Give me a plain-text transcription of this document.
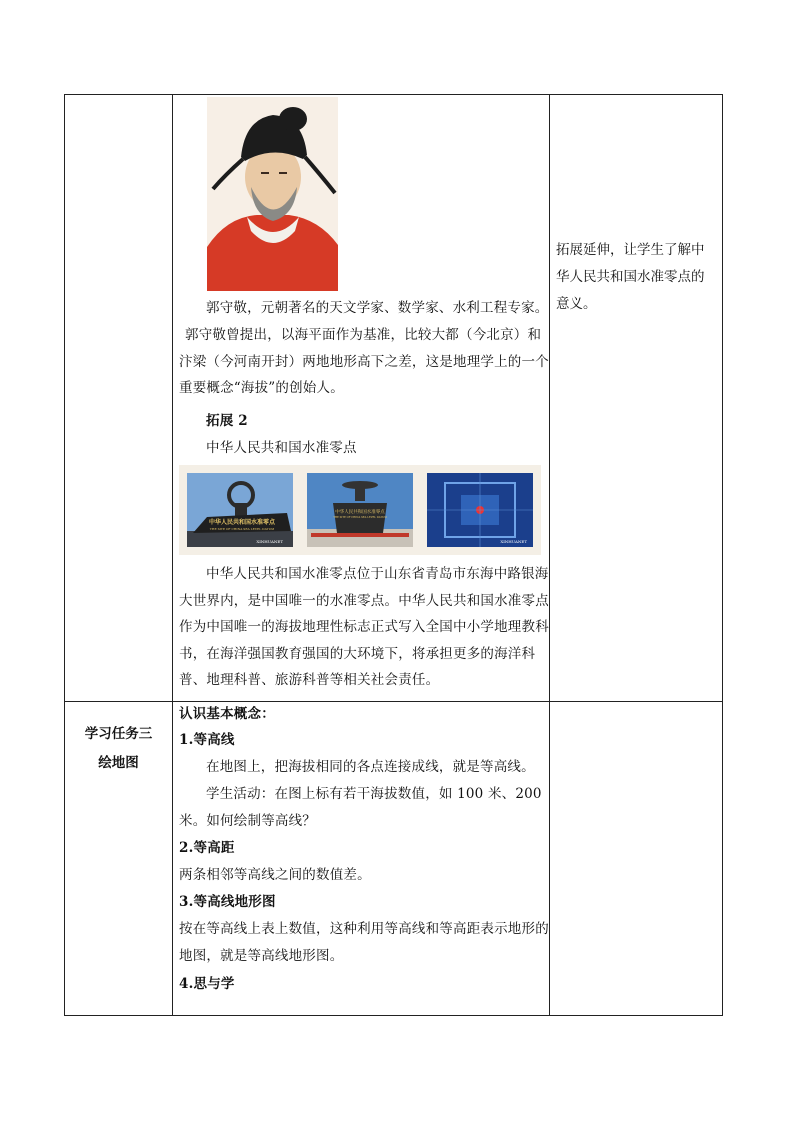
郭守敬，元朝著名的天文学家、数学家、水利工程专家。
郭守敬曾提出，以海平面作为基准，比较大都（今北京）和汴梁（今河南开封）两地地形高下之差，这是地理学上的一个重要概念“海拔”的创始人。
拓展 2
中华人民共和国水准零点
中华人民共和国水准零点
THE SITE OF CHINA SEA LEVEL DATUM
XINHUANET
中华人民共和国水准零点
THE SITE OF CHINA SEA LEVEL DATUM
XINHUANET
中华人民共和国水准零点位于山东省青岛市东海中路银海大世界内，是中国唯一的水准零点。中华人民共和国水准零点作为中国唯一的海拔地理性标志正式写入全国中小学地理教科书，在海洋强国教育强国的大环境下，将承担更多的海洋科普、地理科普、旅游科普等相关社会责任。
拓展延伸，让学生了解中华人民共和国水准零点的意义。
学习任务三
绘地图
认识基本概念：
1.等高线
在地图上，把海拔相同的各点连接成线，就是等高线。
学生活动：在图上标有若干海拔数值，如 100 米、200 米。如何绘制等高线？
2.等高距
两条相邻等高线之间的数值差。
3.等高线地形图
按在等高线上表上数值，这种利用等高线和等高距表示地形的地图，就是等高线地形图。
4.思与学
